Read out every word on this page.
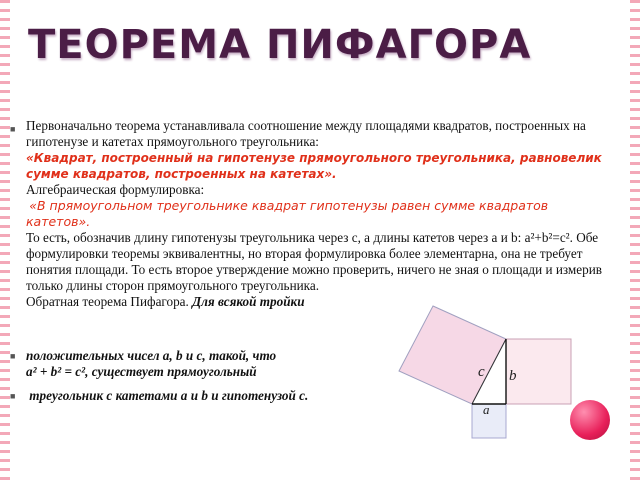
ТЕОРЕМА ПИФАГОРА
■ Первоначально теорема устанавливала соотношение между площадями квадратов, построенных на гипотенузе и катетах прямоугольного треугольника:
«Квадрат, построенный на гипотенузе прямоугольного треугольника, равновелик сумме квадратов, построенных на катетах».
Алгебраическая формулировка:
«В прямоугольном треугольнике квадрат гипотенузы равен сумме квадратов катетов».
То есть, обозначив длину гипотенузы треугольника через c, а длины катетов через a и b: a²+b²=c². Обе формулировки теоремы эквивалентны, но вторая формулировка более элементарна, она не требует понятия площади. То есть второе утверждение можно проверить, ничего не зная о площади и измерив только длины сторон прямоугольного треугольника.
Обратная теорема Пифагора. Для всякой тройки
■ положительных чисел a, b и c, такой, что
a² + b² = c², существует прямоугольный
■ треугольник с катетами a и b и гипотенузой c.
c b
a
